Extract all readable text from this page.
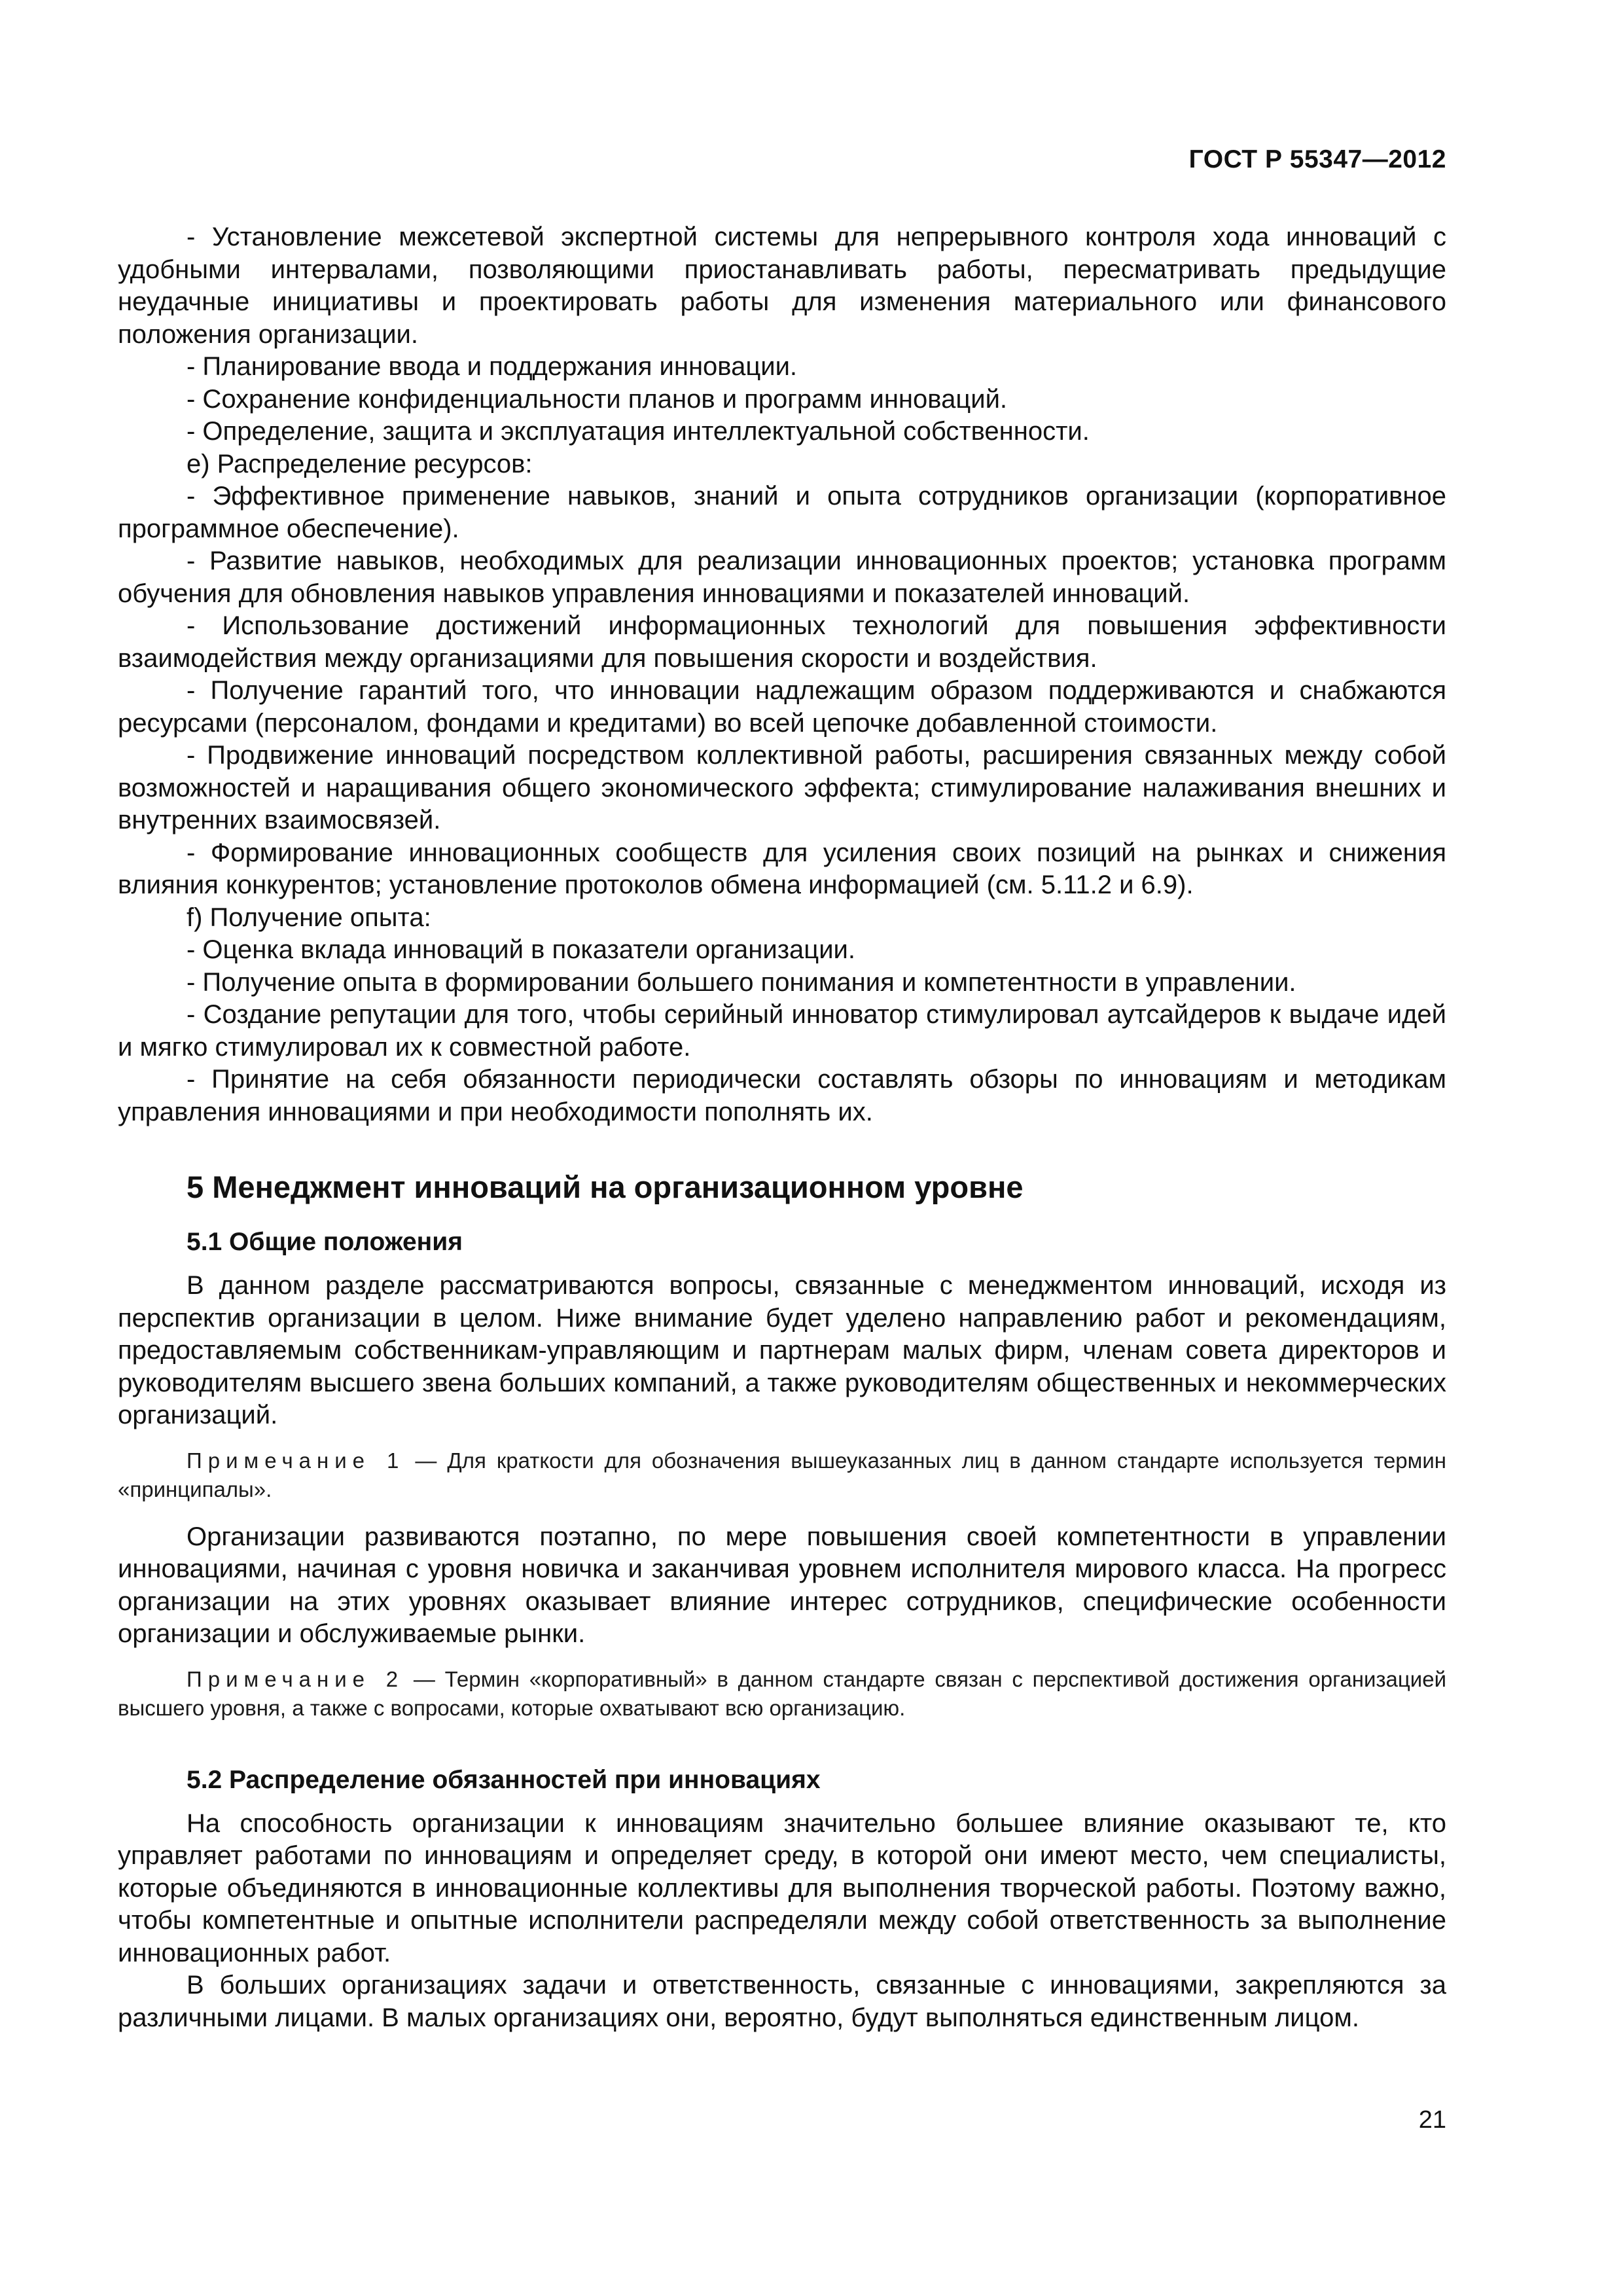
ГОСТ Р 55347—2012

- Установление межсетевой экспертной системы для непрерывного контроля хода инноваций с удобными интервалами, позволяющими приостанавливать работы, пересматривать предыдущие неудачные инициативы и проектировать работы для изменения материального или финансового положения организации.

- Планирование ввода и поддержания инновации.

- Сохранение конфиденциальности планов и программ инноваций.

- Определение, защита и эксплуатация интеллектуальной собственности.

e) Распределение ресурсов:

- Эффективное применение навыков, знаний и опыта сотрудников организации (корпоративное программное обеспечение).

- Развитие навыков, необходимых для реализации инновационных проектов; установка программ обучения для обновления навыков управления инновациями и показателей инноваций.

- Использование достижений информационных технологий для повышения эффективности взаимодействия между организациями для повышения скорости и воздействия.

- Получение гарантий того, что инновации надлежащим образом поддерживаются и снабжаются ресурсами (персоналом, фондами и кредитами) во всей цепочке добавленной стоимости.

- Продвижение инноваций посредством коллективной работы, расширения связанных между собой возможностей и наращивания общего экономического эффекта; стимулирование налаживания внешних и внутренних взаимосвязей.

- Формирование инновационных сообществ для усиления своих позиций на рынках и снижения влияния конкурентов; установление протоколов обмена информацией (см. 5.11.2 и 6.9).

f) Получение опыта:

- Оценка вклада инноваций в показатели организации.

- Получение опыта в формировании большего понимания и компетентности в управлении.

- Создание репутации для того, чтобы серийный инноватор стимулировал аутсайдеров к выдаче идей и мягко стимулировал их к совместной работе.

- Принятие на себя обязанности периодически составлять обзоры по инновациям и методикам управления инновациями и при необходимости пополнять их.

5 Менеджмент инноваций на организационном уровне
5.1 Общие положения

В данном разделе рассматриваются вопросы, связанные с менеджментом инноваций, исходя из перспектив организации в целом. Ниже внимание будет уделено направлению работ и рекомендациям, предоставляемым собственникам-управляющим и партнерам малых фирм, членам совета директоров и руководителям высшего звена больших компаний, а также руководителям общественных и некоммерческих организаций.

Примечание 1 — Для краткости для обозначения вышеуказанных лиц в данном стандарте используется термин «принципалы».

Организации развиваются поэтапно, по мере повышения своей компетентности в управлении инновациями, начиная с уровня новичка и заканчивая уровнем исполнителя мирового класса. На прогресс организации на этих уровнях оказывает влияние интерес сотрудников, специфические особенности организации и обслуживаемые рынки.

Примечание 2 — Термин «корпоративный» в данном стандарте связан с перспективой достижения организацией высшего уровня, а также с вопросами, которые охватывают всю организацию.

5.2 Распределение обязанностей при инновациях

На способность организации к инновациям значительно большее влияние оказывают те, кто управляет работами по инновациям и определяет среду, в которой они имеют место, чем специалисты, которые объединяются в инновационные коллективы для выполнения творческой работы. Поэтому важно, чтобы компетентные и опытные исполнители распределяли между собой ответственность за выполнение инновационных работ.

В больших организациях задачи и ответственность, связанные с инновациями, закрепляются за различными лицами. В малых организациях они, вероятно, будут выполняться единственным лицом.

21
